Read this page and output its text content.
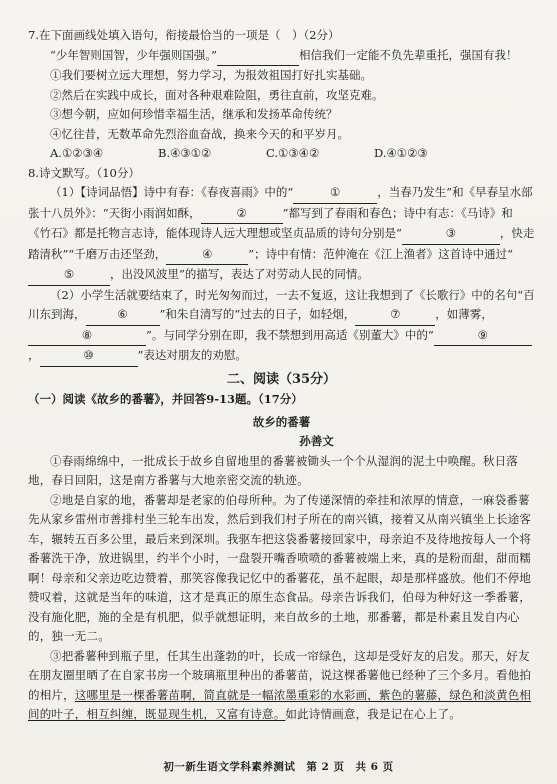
7.在下面画线处填入语句，衔接最恰当的一项是（　）（2分）

“少年智则国智，少年强则国强。”	相信我们一定能不负先辈重托，强国有我！

①我们要树立远大理想，努力学习，为报效祖国打好扎实基础。

②然后在实践中成长，面对各种艰难险阻，勇往直前，攻坚克难。

③想今朝，应如何珍惜幸福生活，继承和发扬革命传统？

④忆往昔，无数革命先烈浴血奋战，换来今天的和平岁月。

A.①②③④	B.④③①②	C.①③④②	D.④①②③

8.诗文默写。（10分）

（1）【诗词品悟】诗中有春：《春夜喜雨》中的“	①	，当春乃发生”和《早春呈水部张十八员外》：“天街小雨润如酥，	②	”都写到了春雨和春色；诗中有志：《马诗》和《竹石》都是托物言志诗，能体现诗人远大理想或坚贞品质的诗句分别是“	③	，快走踏清秋”“千磨万击还坚劲，	④	”；诗中有情：范仲淹在《江上渔者》这首诗中通过“⑤	，出没风波里”的描写，表达了对劳动人民的同情。

（2）小学生活就要结束了，时光匆匆而过，一去不复返，这让我想到了《长歌行》中的名句“百川东到海，	⑥	”和朱自清写的“过去的日子，如轻烟，	⑦	，如薄雾，⑧	”。与同学分别在即，我不禁想到用高适《别董大》中的“	⑨，	⑩	”表达对朋友的劝慰。

二、阅读（35分）

（一）阅读《故乡的番薯》，并回答9-13题。（17分）

故乡的番薯

孙善文

①春雨绵绵中，一批成长于故乡自留地里的番薯被锄头一个个从湿润的泥土中唤醒。秋日落地，春日回阳，这是南方番薯与大地亲密交流的轨迹。

②地是自家的地，番薯却是老家的伯母所种。为了传递深情的牵挂和浓厚的情意，一麻袋番薯先从家乡雷州市善排村坐三轮车出发，然后到我们村子所在的南兴镇，接着又从南兴镇坐上长途客车，辗转五百多公里，最后来到深圳。我驱车把这袋番薯接回家中，母亲迫不及待地按每人一个将番薯洗干净，放进锅里，约半个小时，一盘裂开嘴香喷喷的番薯被端上来，真的是粉而甜，甜而糯啊！母亲和父亲边吃边赞着，那笑容像我记忆中的番薯花，虽不起眼，却是那样盛放。他们不停地赞叹着，这就是当年的味道，这才是真正的原生态食品。母亲告诉我们，伯母为种好这一季番薯，没有施化肥，施的全是有机肥，似乎就想证明，来自故乡的土地，那番薯，都是朴素且发自内心的，独一无二。

③把番薯种到瓶子里，任其生出蓬勃的叶，长成一帘绿色，这却是受好友的启发。那天，好友在朋友圈里晒了在自家书房一个玻璃瓶里种出的番薯苗，说这棵番薯他已经种了三个多月。看他拍的相片，这哪里是一棵番薯苗啊，简直就是一幅浓墨重彩的水彩画，紫色的薯藤，绿色和淡黄色相间的叶子，相互纠缠，既显现生机，又富有诗意。如此诗情画意，我是记在心上了。

初一新生语文学科素养测试　第 2 页　共 6 页
